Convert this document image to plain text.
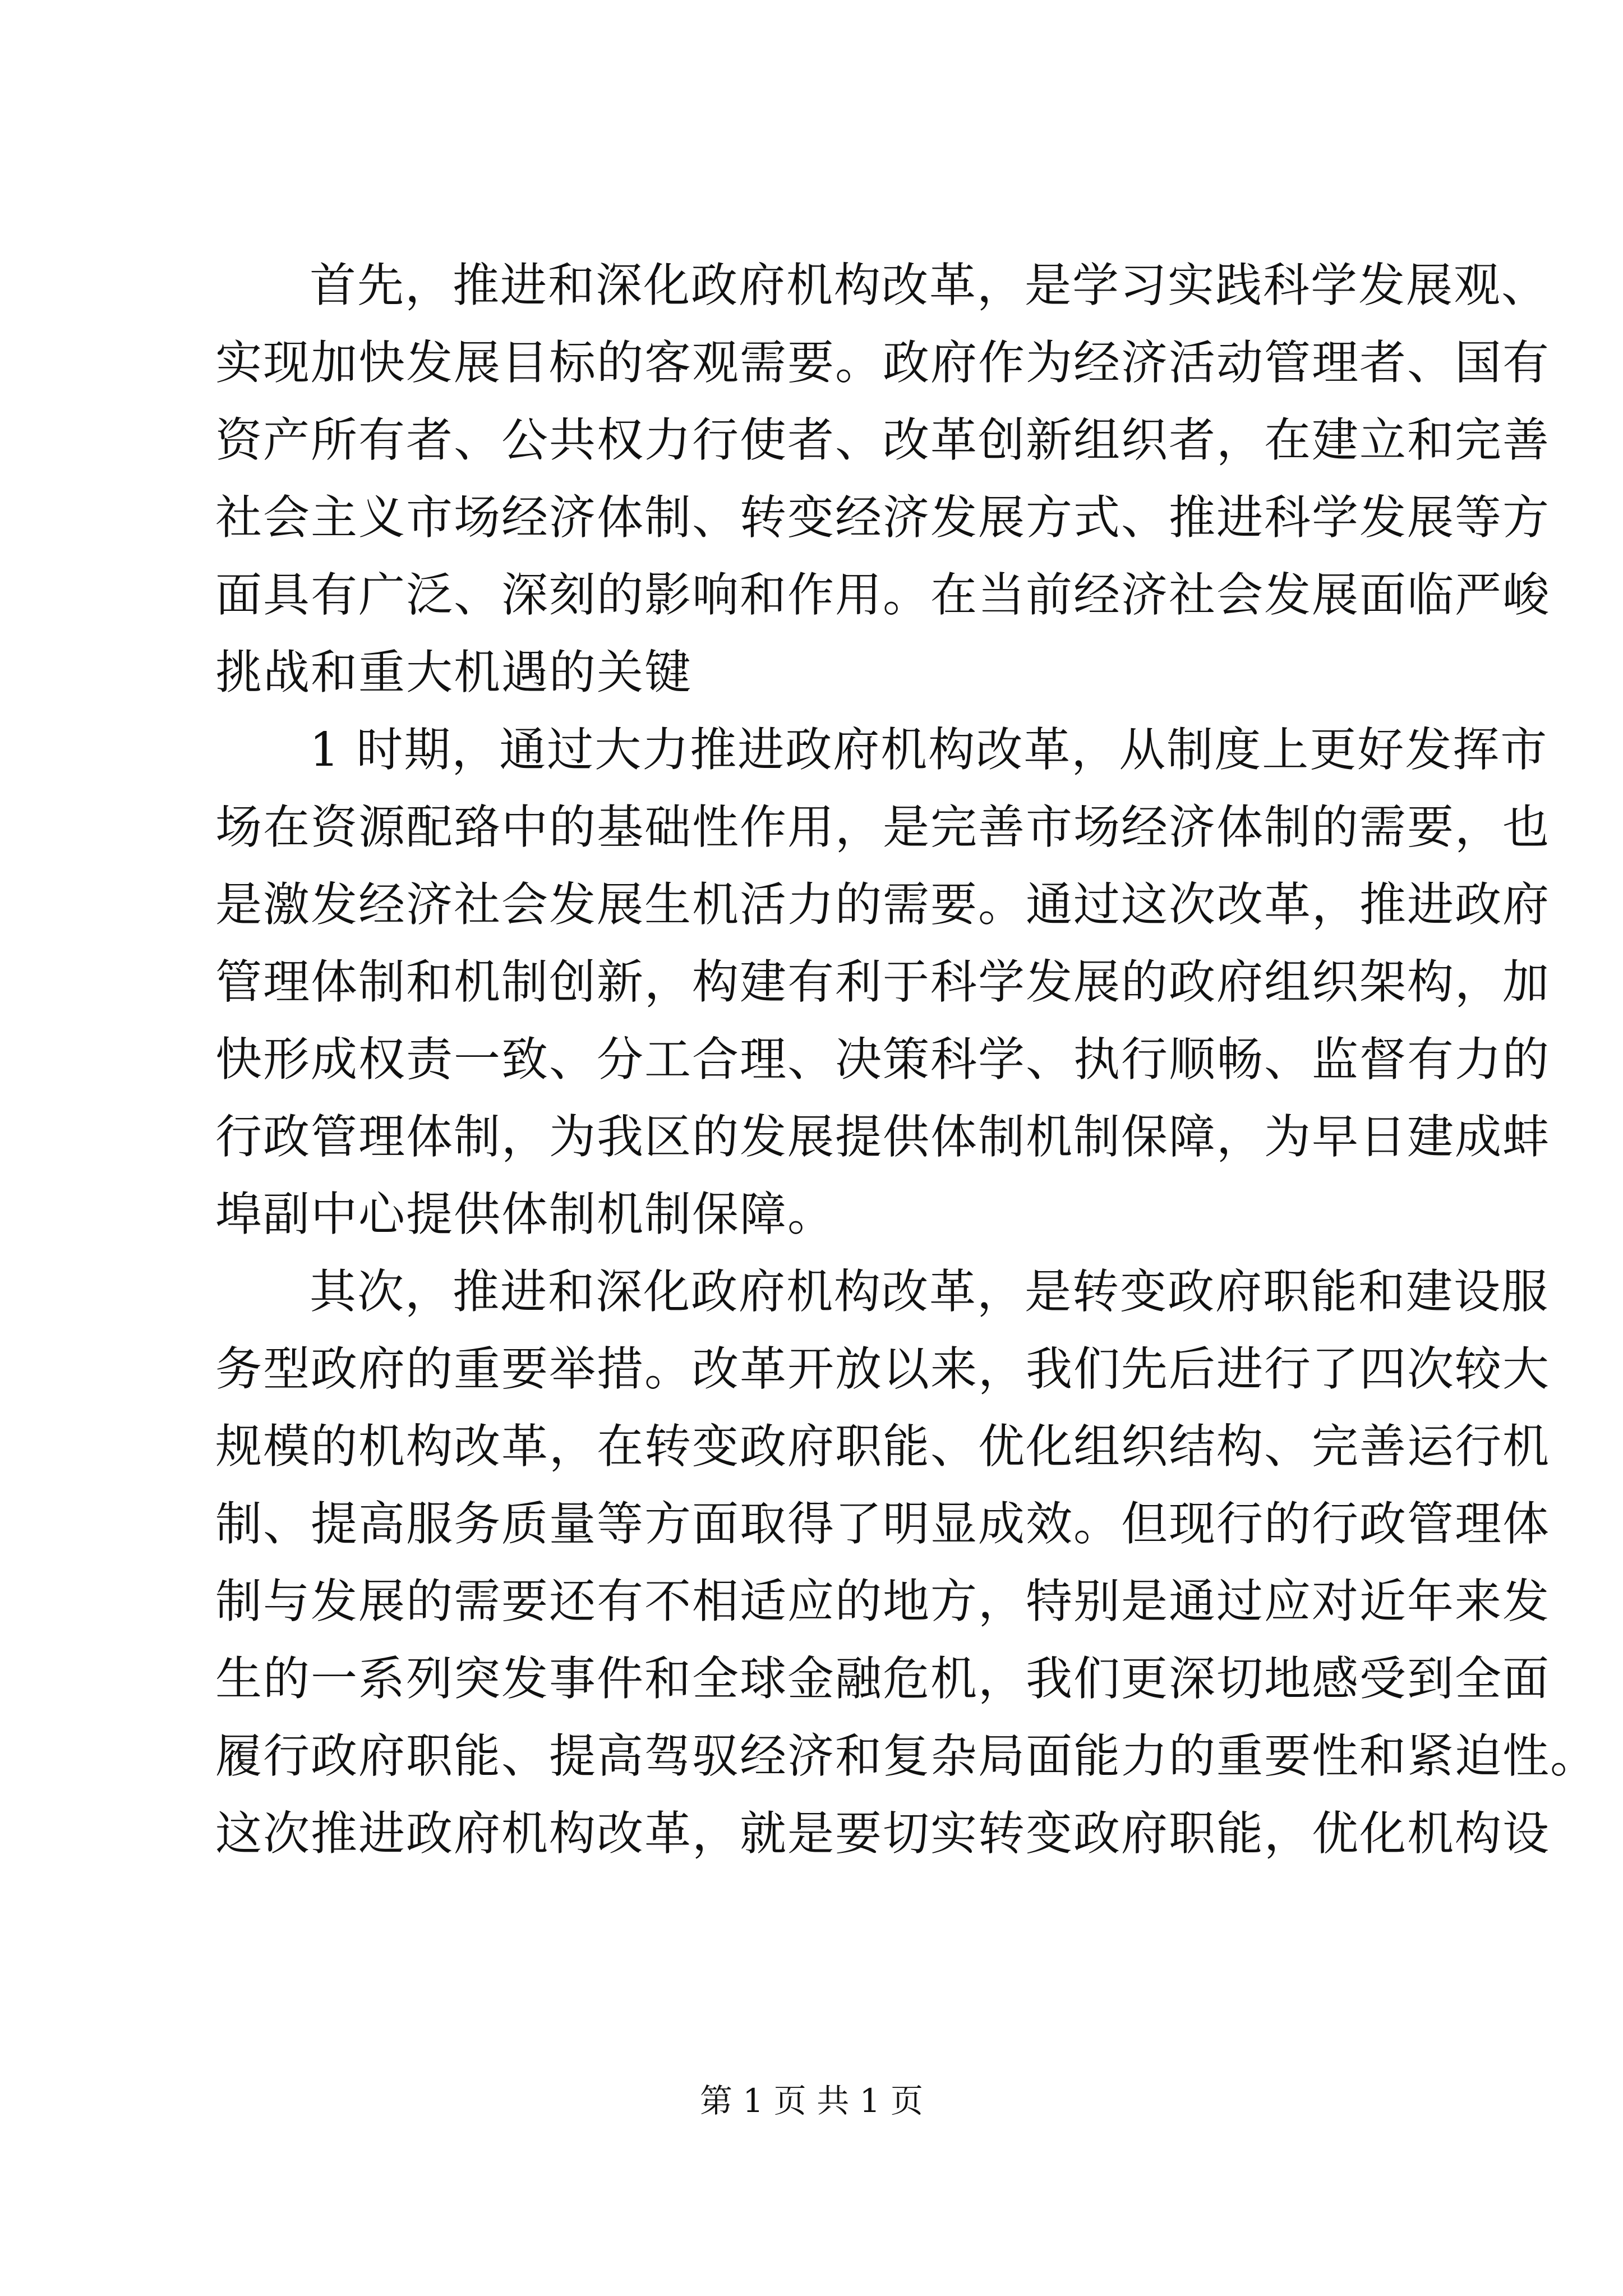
首先，推进和深化政府机构改革，是学习实践科学发展观、
实现加快发展目标的客观需要。政府作为经济活动管理者、国有
资产所有者、公共权力行使者、改革创新组织者，在建立和完善
社会主义市场经济体制、转变经济发展方式、推进科学发展等方
面具有广泛、深刻的影响和作用。在当前经济社会发展面临严峻
挑战和重大机遇的关键
1 时期，通过大力推进政府机构改革，从制度上更好发挥市
场在资源配臵中的基础性作用，是完善市场经济体制的需要，也
是激发经济社会发展生机活力的需要。通过这次改革，推进政府
管理体制和机制创新，构建有利于科学发展的政府组织架构，加
快形成权责一致、分工合理、决策科学、执行顺畅、监督有力的
行政管理体制，为我区的发展提供体制机制保障，为早日建成蚌
埠副中心提供体制机制保障。
其次，推进和深化政府机构改革，是转变政府职能和建设服
务型政府的重要举措。改革开放以来，我们先后进行了四次较大
规模的机构改革，在转变政府职能、优化组织结构、完善运行机
制、提高服务质量等方面取得了明显成效。但现行的行政管理体
制与发展的需要还有不相适应的地方，特别是通过应对近年来发
生的一系列突发事件和全球金融危机，我们更深切地感受到全面
履行政府职能、提高驾驭经济和复杂局面能力的重要性和紧迫性。
这次推进政府机构改革，就是要切实转变政府职能，优化机构设
第 1 页 共 1 页
